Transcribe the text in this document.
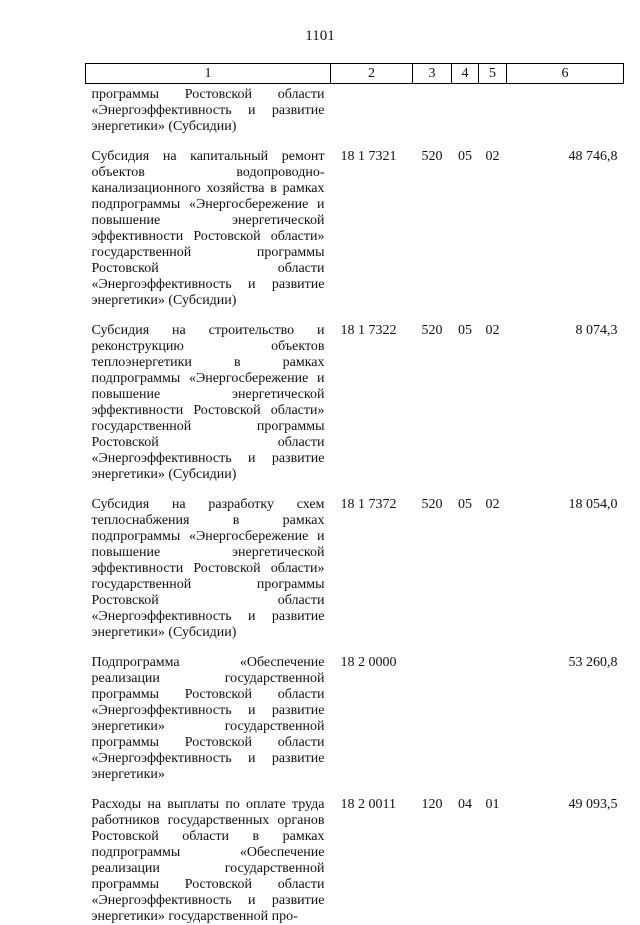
1101
1	2	3	4	5	6
программы Ростовской области «Энергоэффективность и развитие энергетики» (Субсидии)					
Субсидия на капитальный ремонт объектов водопроводно-канализационного хозяйства в рамках подпрограммы «Энергосбережение и повышение энергетической эффективности Ростовской области» государственной программы Ростовской области «Энергоэффективность и развитие энергетики» (Субсидии)	18 1 7321	520	05	02	48 746,8
Субсидия на строительство и реконструкцию объектов теплоэнергетики в рамках подпрограммы «Энергосбережение и повышение энергетической эффективности Ростовской области» государственной программы Ростовской области «Энергоэффективность и развитие энергетики» (Субсидии)	18 1 7322	520	05	02	8 074,3
Субсидия на разработку схем теплоснабжения в рамках подпрограммы «Энергосбережение и повышение энергетической эффективности Ростовской области» государственной программы Ростовской области «Энергоэффективность и развитие энергетики» (Субсидии)	18 1 7372	520	05	02	18 054,0
Подпрограмма «Обеспечение реализации государственной программы Ростовской области «Энергоэффективность и развитие энергетики» государственной программы Ростовской области «Энергоэффективность и развитие энергетики»	18 2 0000				53 260,8
Расходы на выплаты по оплате труда работников государственных органов Ростовской области в рамках подпрограммы «Обеспечение реализации государственной программы Ростовской области «Энергоэффективность и развитие энергетики» государственной про-	18 2 0011	120	04	01	49 093,5
